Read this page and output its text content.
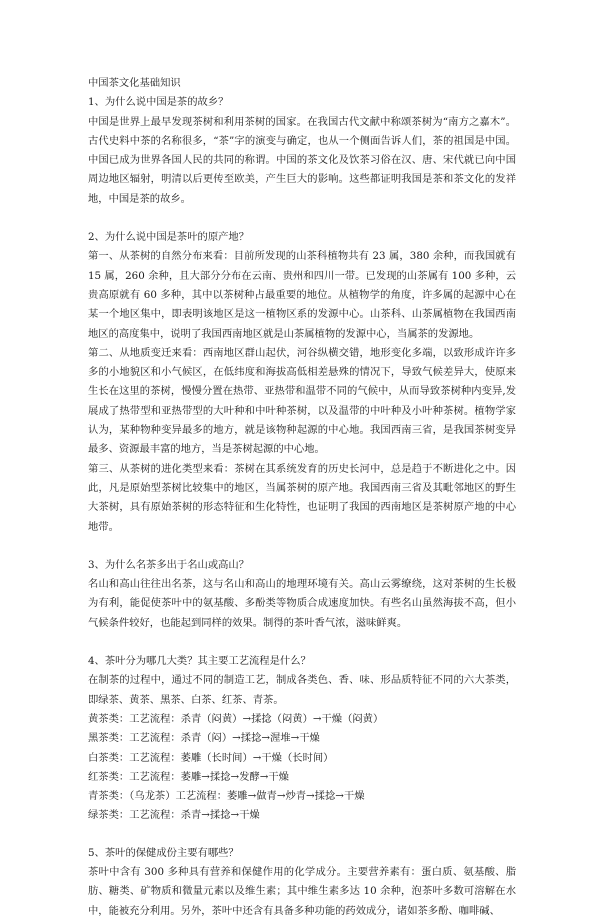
中国茶文化基础知识
1、为什么说中国是茶的故乡？
中国是世界上最早发现茶树和利用茶树的国家。在我国古代文献中称颂茶树为“南方之嘉木”。古代史料中茶的名称很多，“茶”字的演变与确定，也从一个侧面告诉人们，茶的祖国是中国。中国已成为世界各国人民的共同的称谓。中国的茶文化及饮茶习俗在汉、唐、宋代就已向中国周边地区辐射，明清以后更传至欧美，产生巨大的影响。这些都证明我国是茶和茶文化的发祥地，中国是茶的故乡。
2、为什么说中国是茶叶的原产地？
第一、从茶树的自然分布来看：目前所发现的山茶科植物共有 23 属，380 余种，而我国就有 15 属，260 余种，且大部分分布在云南、贵州和四川一带。已发现的山茶属有 100 多种，云贵高原就有 60 多种，其中以茶树种占最重要的地位。从植物学的角度，许多属的起源中心在某一个地区集中，即表明该地区是这一植物区系的发源中心。山茶科、山茶属植物在我国西南地区的高度集中，说明了我国西南地区就是山茶属植物的发源中心，当属茶的发源地。
第二、从地质变迁来看：西南地区群山起伏，河谷纵横交错，地形变化多端，以致形成许许多多的小地貌区和小气候区，在低纬度和海拔高低相差悬殊的情况下，导致气候差异大，使原来生长在这里的茶树，慢慢分置在热带、亚热带和温带不同的气候中，从而导致茶树种内变异,发展成了热带型和亚热带型的大叶种和中叶种茶树，以及温带的中叶种及小叶种茶树。植物学家认为，某种物种变异最多的地方，就是该物种起源的中心地。我国西南三省，是我国茶树变异最多、资源最丰富的地方，当是茶树起源的中心地。
第三、从茶树的进化类型来看：茶树在其系统发育的历史长河中，总是趋于不断进化之中。因此，凡是原始型茶树比较集中的地区，当属茶树的原产地。我国西南三省及其毗邻地区的野生大茶树，具有原始茶树的形态特征和生化特性，也证明了我国的西南地区是茶树原产地的中心地带。
3、为什么名茶多出于名山或高山？
名山和高山往往出名茶，这与名山和高山的地理环境有关。高山云雾缭绕，这对茶树的生长极为有利，能促使茶叶中的氨基酸、多酚类等物质合成速度加快。有些名山虽然海拔不高，但小气候条件较好，也能起到同样的效果。制得的茶叶香气浓，滋味鲜爽。
4、茶叶分为哪几大类？其主要工艺流程是什么？
在制茶的过程中，通过不同的制造工艺，制成各类色、香、味、形品质特征不同的六大茶类，即绿茶、黄茶、黑茶、白茶、红茶、青茶。
黄茶类：工艺流程：杀青（闷黄）→揉捻（闷黄）→干燥（闷黄）
黑茶类：工艺流程：杀青（闷）→揉捻→渥堆→干燥
白茶类：工艺流程：萎雕（长时间）→干燥（长时间）
红茶类：工艺流程：萎雕→揉捻→发酵→干燥
青茶类：（乌龙茶）工艺流程：萎雕→做青→炒青→揉捻→干燥
绿茶类：工艺流程：杀青→揉捻→干燥
5、茶叶的保健成份主要有哪些？
茶叶中含有 300 多种具有营养和保健作用的化学成分。主要营养素有：蛋白质、氨基酸、脂肪、糖类、矿物质和微量元素以及维生素；其中维生素多达 10 余种，泡茶叶多数可溶解在水中，能被充分利用。另外，茶叶中还含有具备多种功能的药效成分，诸如茶多酚、咖啡碱、
